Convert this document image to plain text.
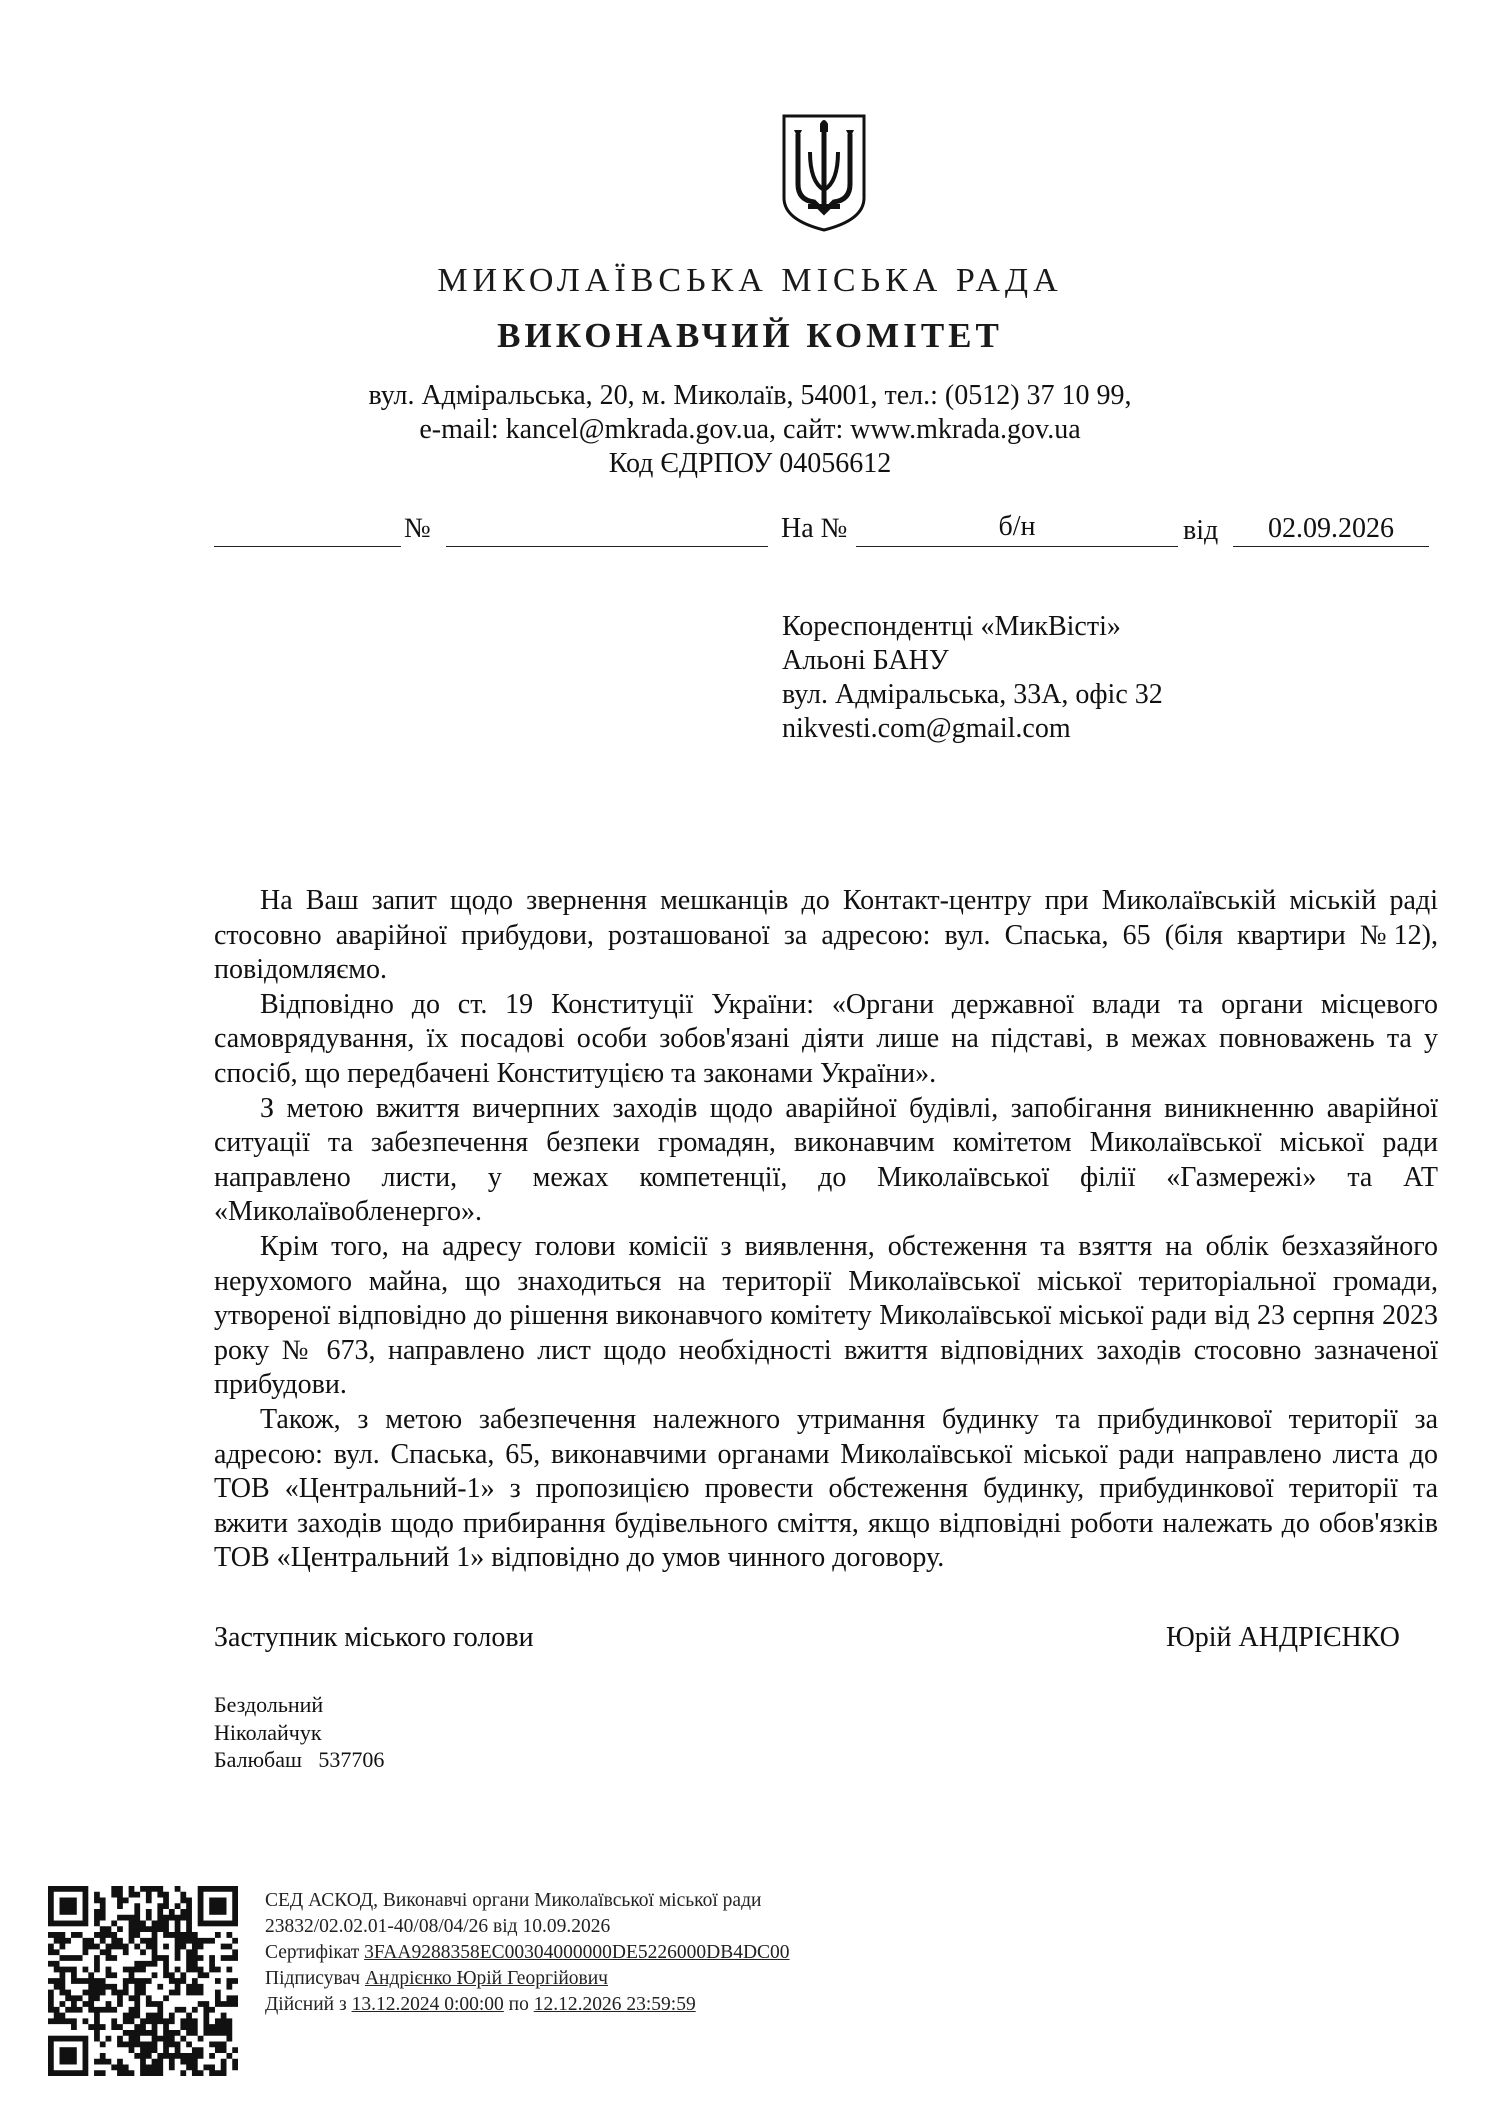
МИКОЛАЇВСЬКА МІСЬКА РАДА
ВИКОНАВЧИЙ КОМІТЕТ
вул. Адміральська, 20, м. Миколаїв, 54001, тел.: (0512) 37 10 99,
e-mail: kancel@mkrada.gov.ua, сайт: www.mkrada.gov.ua
Код ЄДРПОУ 04056612
№	На №	б/н	від	02.09.2026
Кореспондентці «МикВісті»
Альоні БАНУ
вул. Адміральська, 33А, офіс 32
nikvesti.com@gmail.com

На Ваш запит щодо звернення мешканців до Контакт-центру при Миколаївській міській раді стосовно аварійної прибудови, розташованої за адресою: вул. Спаська, 65 (біля квартири №12), повідомляємо.

Відповідно до ст. 19 Конституції України: «Органи державної влади та органи місцевого самоврядування, їх посадові особи зобов'язані діяти лише на підставі, в межах повноважень та у спосіб, що передбачені Конституцією та законами України».

З метою вжиття вичерпних заходів щодо аварійної будівлі, запобігання виникненню аварійної ситуації та забезпечення безпеки громадян, виконавчим комітетом Миколаївської міської ради направлено листи, у межах компетенції, до Миколаївської філії «Газмережі» та АТ «Миколаївобленерго».

Крім того, на адресу голови комісії з виявлення, обстеження та взяття на облік безхазяйного нерухомого майна, що знаходиться на території Миколаївської міської територіальної громади, утвореної відповідно до рішення виконавчого комітету Миколаївської міської ради від 23 серпня 2023 року № 673, направлено лист щодо необхідності вжиття відповідних заходів стосовно зазначеної прибудови.

Також, з метою забезпечення належного утримання будинку та прибудинкової території за адресою: вул. Спаська, 65, виконавчими органами Миколаївської міської ради направлено листа до ТОВ «Центральний-1» з пропозицією провести обстеження будинку, прибудинкової території та вжити заходів щодо прибирання будівельного сміття, якщо відповідні роботи належать до обов'язків ТОВ «Центральний 1» відповідно до умов чинного договору.

Заступник міського голови	Юрій АНДРІЄНКО
Бездольний
Ніколайчук
Балюбаш   537706
СЕД АСКОД, Виконавчі органи Миколаївської міської ради
23832/02.02.01-40/08/04/26 від 10.09.2026
Сертифікат 3FAA9288358EC00304000000DE5226000DB4DC00
Підписувач Андрієнко Юрій Георгійович
Дійсний з 13.12.2024 0:00:00 по 12.12.2026 23:59:59
